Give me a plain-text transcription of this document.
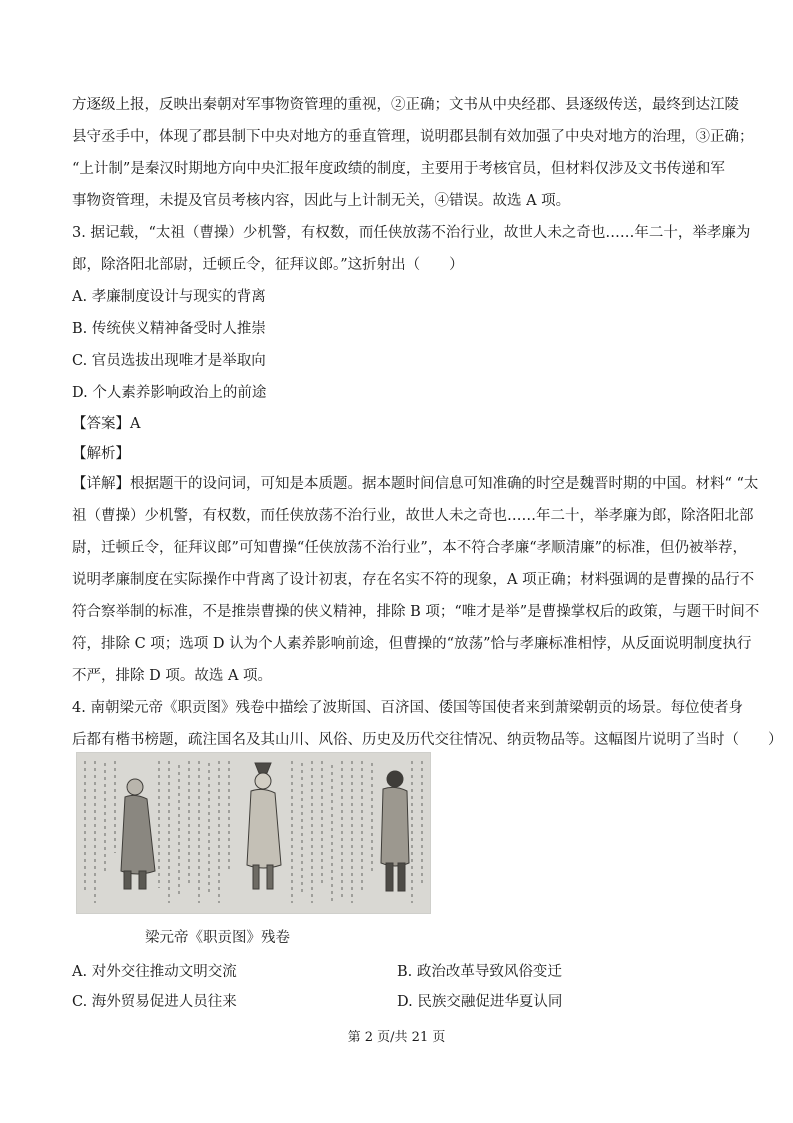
方逐级上报，反映出秦朝对军事物资管理的重视，②正确；文书从中央经郡、县逐级传送，最终到达江陵
县守丞手中，体现了郡县制下中央对地方的垂直管理，说明郡县制有效加强了中央对地方的治理，③正确；
“上计制”是秦汉时期地方向中央汇报年度政绩的制度，主要用于考核官员，但材料仅涉及文书传递和军
事物资管理，未提及官员考核内容，因此与上计制无关，④错误。故选 A 项。
3. 据记载，“太祖（曹操）少机警，有权数，而任侠放荡不治行业，故世人未之奇也……年二十，举孝廉为
郎，除洛阳北部尉，迁顿丘令，征拜议郎。”这折射出（　　）
A. 孝廉制度设计与现实的背离
B. 传统侠义精神备受时人推崇
C. 官员选拔出现唯才是举取向
D. 个人素养影响政治上的前途
【答案】A
【解析】
【详解】根据题干的设问词，可知是本质题。据本题时间信息可知准确的时空是魏晋时期的中国。材料“ “太
祖（曹操）少机警，有权数，而任侠放荡不治行业，故世人未之奇也……年二十，举孝廉为郎，除洛阳北部
尉，迁顿丘令，征拜议郎”可知曹操“任侠放荡不治行业”，本不符合孝廉“孝顺清廉”的标准，但仍被举荐，
说明孝廉制度在实际操作中背离了设计初衷，存在名实不符的现象，A 项正确；材料强调的是曹操的品行不
符合察举制的标准，不是推崇曹操的侠义精神，排除 B 项；“唯才是举”是曹操掌权后的政策，与题干时间不
符，排除 C 项；选项 D 认为个人素养影响前途，但曹操的“放荡”恰与孝廉标准相悖，从反面说明制度执行
不严，排除 D 项。故选 A 项。
4. 南朝梁元帝《职贡图》残卷中描绘了波斯国、百济国、倭国等国使者来到萧梁朝贡的场景。每位使者身
后都有楷书榜题，疏注国名及其山川、风俗、历史及历代交往情况、纳贡物品等。这幅图片说明了当时（　　）
梁元帝《职贡图》残卷
A. 对外交往推动文明交流	B. 政治改革导致风俗变迁
C. 海外贸易促进人员往来	D. 民族交融促进华夏认同
第 2 页/共 21 页
